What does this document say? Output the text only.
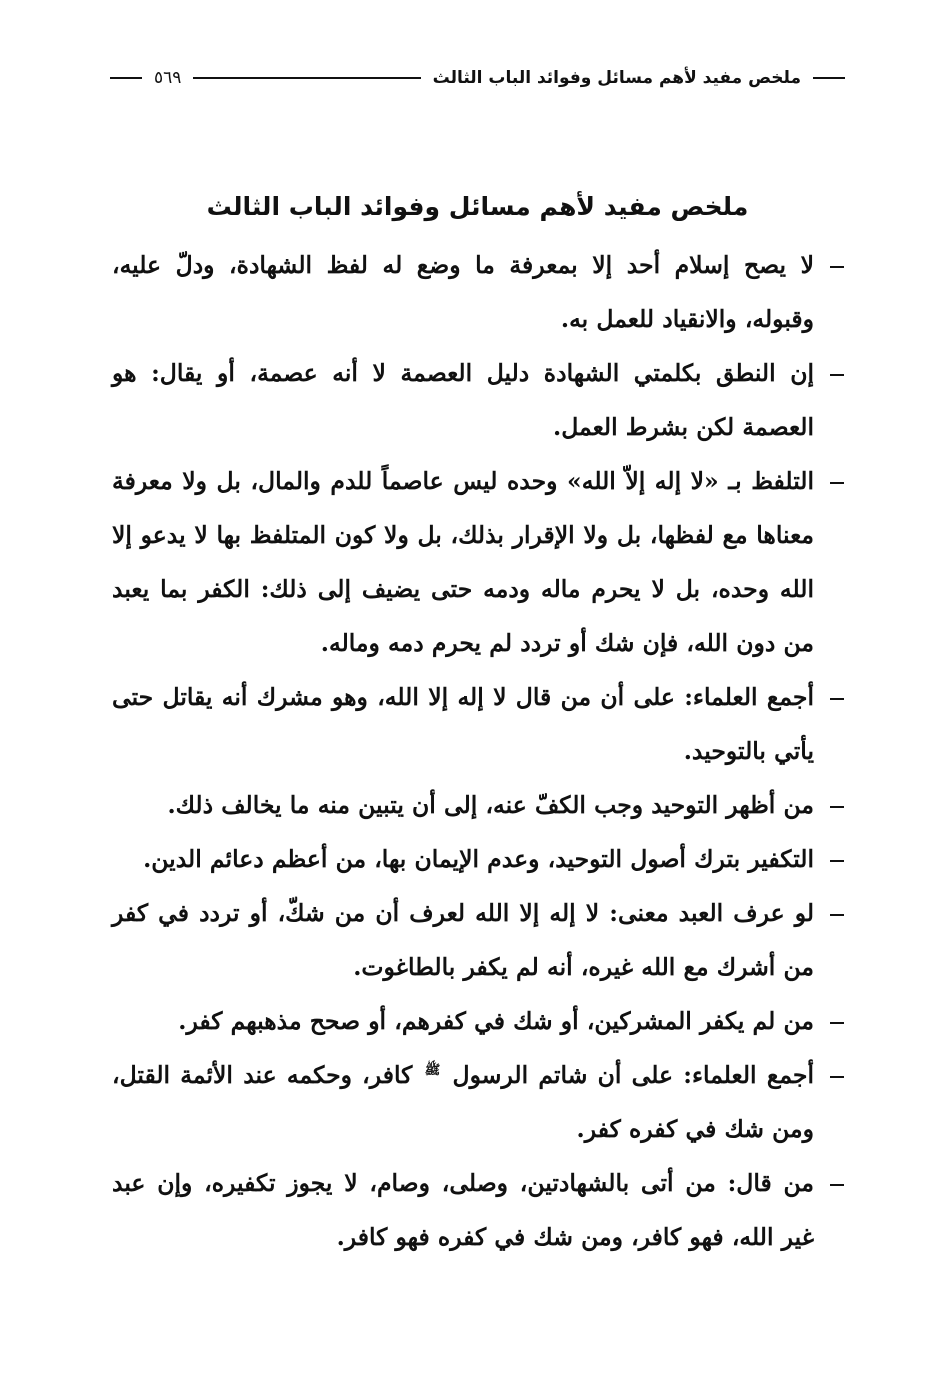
ملخص مفيد لأهم مسائل وفوائد الباب الثالث
٥٦٩
ملخص مفيد لأهم مسائل وفوائد الباب الثالث
لا يصح إسلام أحد إلا بمعرفة ما وضع له لفظ الشهادة، ودلّ عليه، وقبوله، والانقياد للعمل به.
إن النطق بكلمتي الشهادة دليل العصمة لا أنه عصمة، أو يقال: هو العصمة لكن بشرط العمل.
التلفظ بـ «لا إله إلاّ الله» وحده ليس عاصماً للدم والمال، بل ولا معرفة معناها مع لفظها، بل ولا الإقرار بذلك، بل ولا كون المتلفظ بها لا يدعو إلا الله وحده، بل لا يحرم ماله ودمه حتى يضيف إلى ذلك: الكفر بما يعبد من دون الله، فإن شك أو تردد لم يحرم دمه وماله.
أجمع العلماء: على أن من قال لا إله إلا الله، وهو مشرك أنه يقاتل حتى يأتي بالتوحيد.
من أظهر التوحيد وجب الكفّ عنه، إلى أن يتبين منه ما يخالف ذلك.
التكفير بترك أصول التوحيد، وعدم الإيمان بها، من أعظم دعائم الدين.
لو عرف العبد معنى: لا إله إلا الله لعرف أن من شكّ، أو تردد في كفر من أشرك مع الله غيره، أنه لم يكفر بالطاغوت.
من لم يكفر المشركين، أو شك في كفرهم، أو صحح مذهبهم كفر.
أجمع العلماء: على أن شاتم الرسول ﷺ كافر، وحكمه عند الأئمة القتل، ومن شك في كفره كفر.
من قال: من أتى بالشهادتين، وصلى، وصام، لا يجوز تكفيره، وإن عبد غير الله، فهو كافر، ومن شك في كفره فهو كافر.
